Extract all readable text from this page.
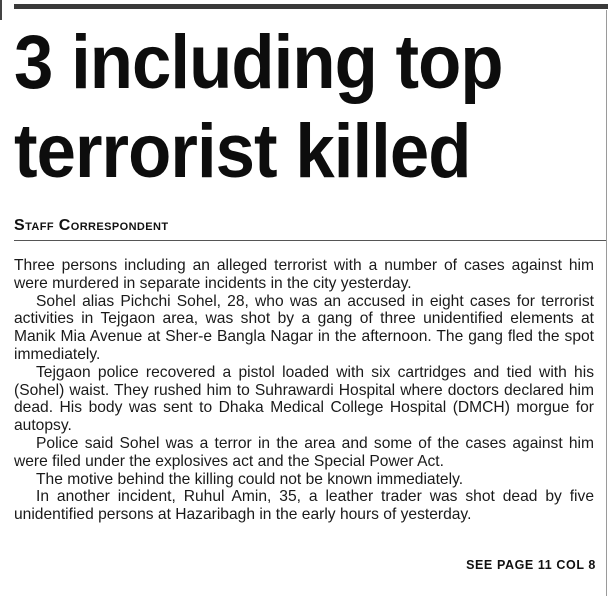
3 including top
terrorist killed
Staff Correspondent

Three persons including an alleged terrorist with a number of cases against him were murdered in separate incidents in the city yesterday.

Sohel alias Pichchi Sohel, 28, who was an accused in eight cases for terrorist activities in Tejgaon area, was shot by a gang of three unidentified elements at Manik Mia Avenue at Sher-e Bangla Nagar in the afternoon. The gang fled the spot immediately.

Tejgaon police recovered a pistol loaded with six cartridges and tied with his (Sohel) waist. They rushed him to Suhrawardi Hospital where doctors declared him dead. His body was sent to Dhaka Medical College Hospital (DMCH) morgue for autopsy.

Police said Sohel was a terror in the area and some of the cases against him were filed under the explosives act and the Special Power Act.

The motive behind the killing could not be known immediately.

In another incident, Ruhul Amin, 35, a leather trader was shot dead by five unidentified persons at Hazaribagh in the early hours of yesterday.

SEE PAGE 11 COL 8
